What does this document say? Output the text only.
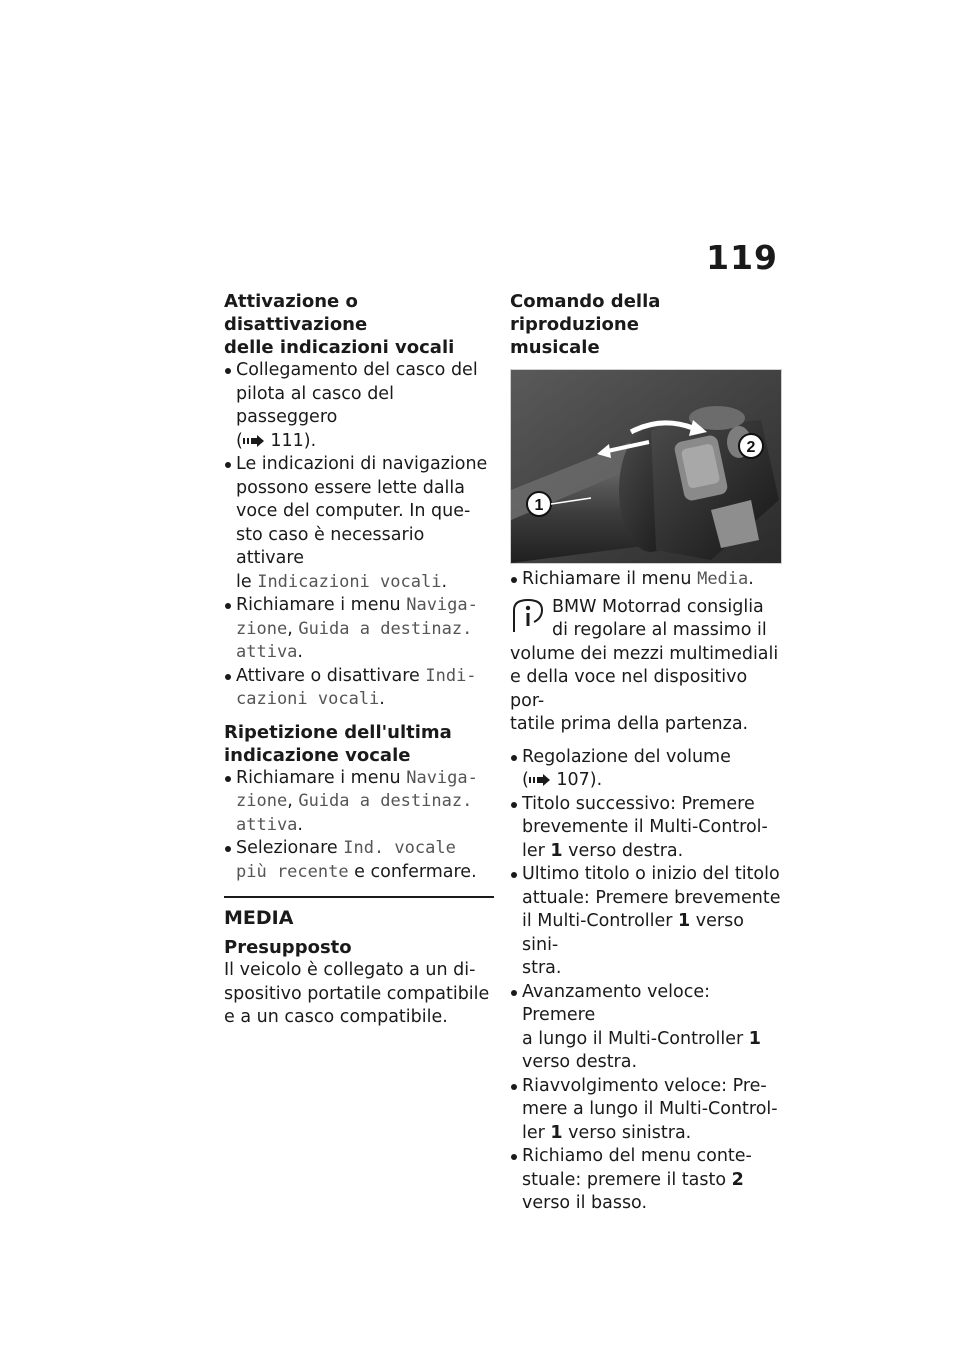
119
Attivazione o disattivazione
delle indicazioni vocali
Collegamento del casco del
pilota al casco del passeggero
( 111).
Le indicazioni di navigazione
possono essere lette dalla
voce del computer. In que-
sto caso è necessario attivare
le Indicazioni vocali.
Richiamare i menu Naviga-
zione, Guida a destinaz.
attiva.
Attivare o disattivare Indi-
cazioni vocali.
Ripetizione dell'ultima
indicazione vocale
Richiamare i menu Naviga-
zione, Guida a destinaz.
attiva.
Selezionare Ind. vocale
più recente e confermare.
MEDIA
Presupposto

Il veicolo è collegato a un di-
spositivo portatile compatibile
e a un casco compatibile.

Comando della riproduzione
musicale
1
2
Richiamare il menu Media.

BMW Motorrad consiglia
di regolare al massimo il
volume dei mezzi multimediali
e della voce nel dispositivo por-
tatile prima della partenza.

Regolazione del volume
( 107).
Titolo successivo: Premere
brevemente il Multi-Control-
ler 1 verso destra.
Ultimo titolo o inizio del titolo
attuale: Premere brevemente
il Multi-Controller 1 verso sini-
stra.
Avanzamento veloce: Premere
a lungo il Multi-Controller 1
verso destra.
Riavvolgimento veloce: Pre-
mere a lungo il Multi-Control-
ler 1 verso sinistra.
Richiamo del menu conte-
stuale: premere il tasto 2
verso il basso.
